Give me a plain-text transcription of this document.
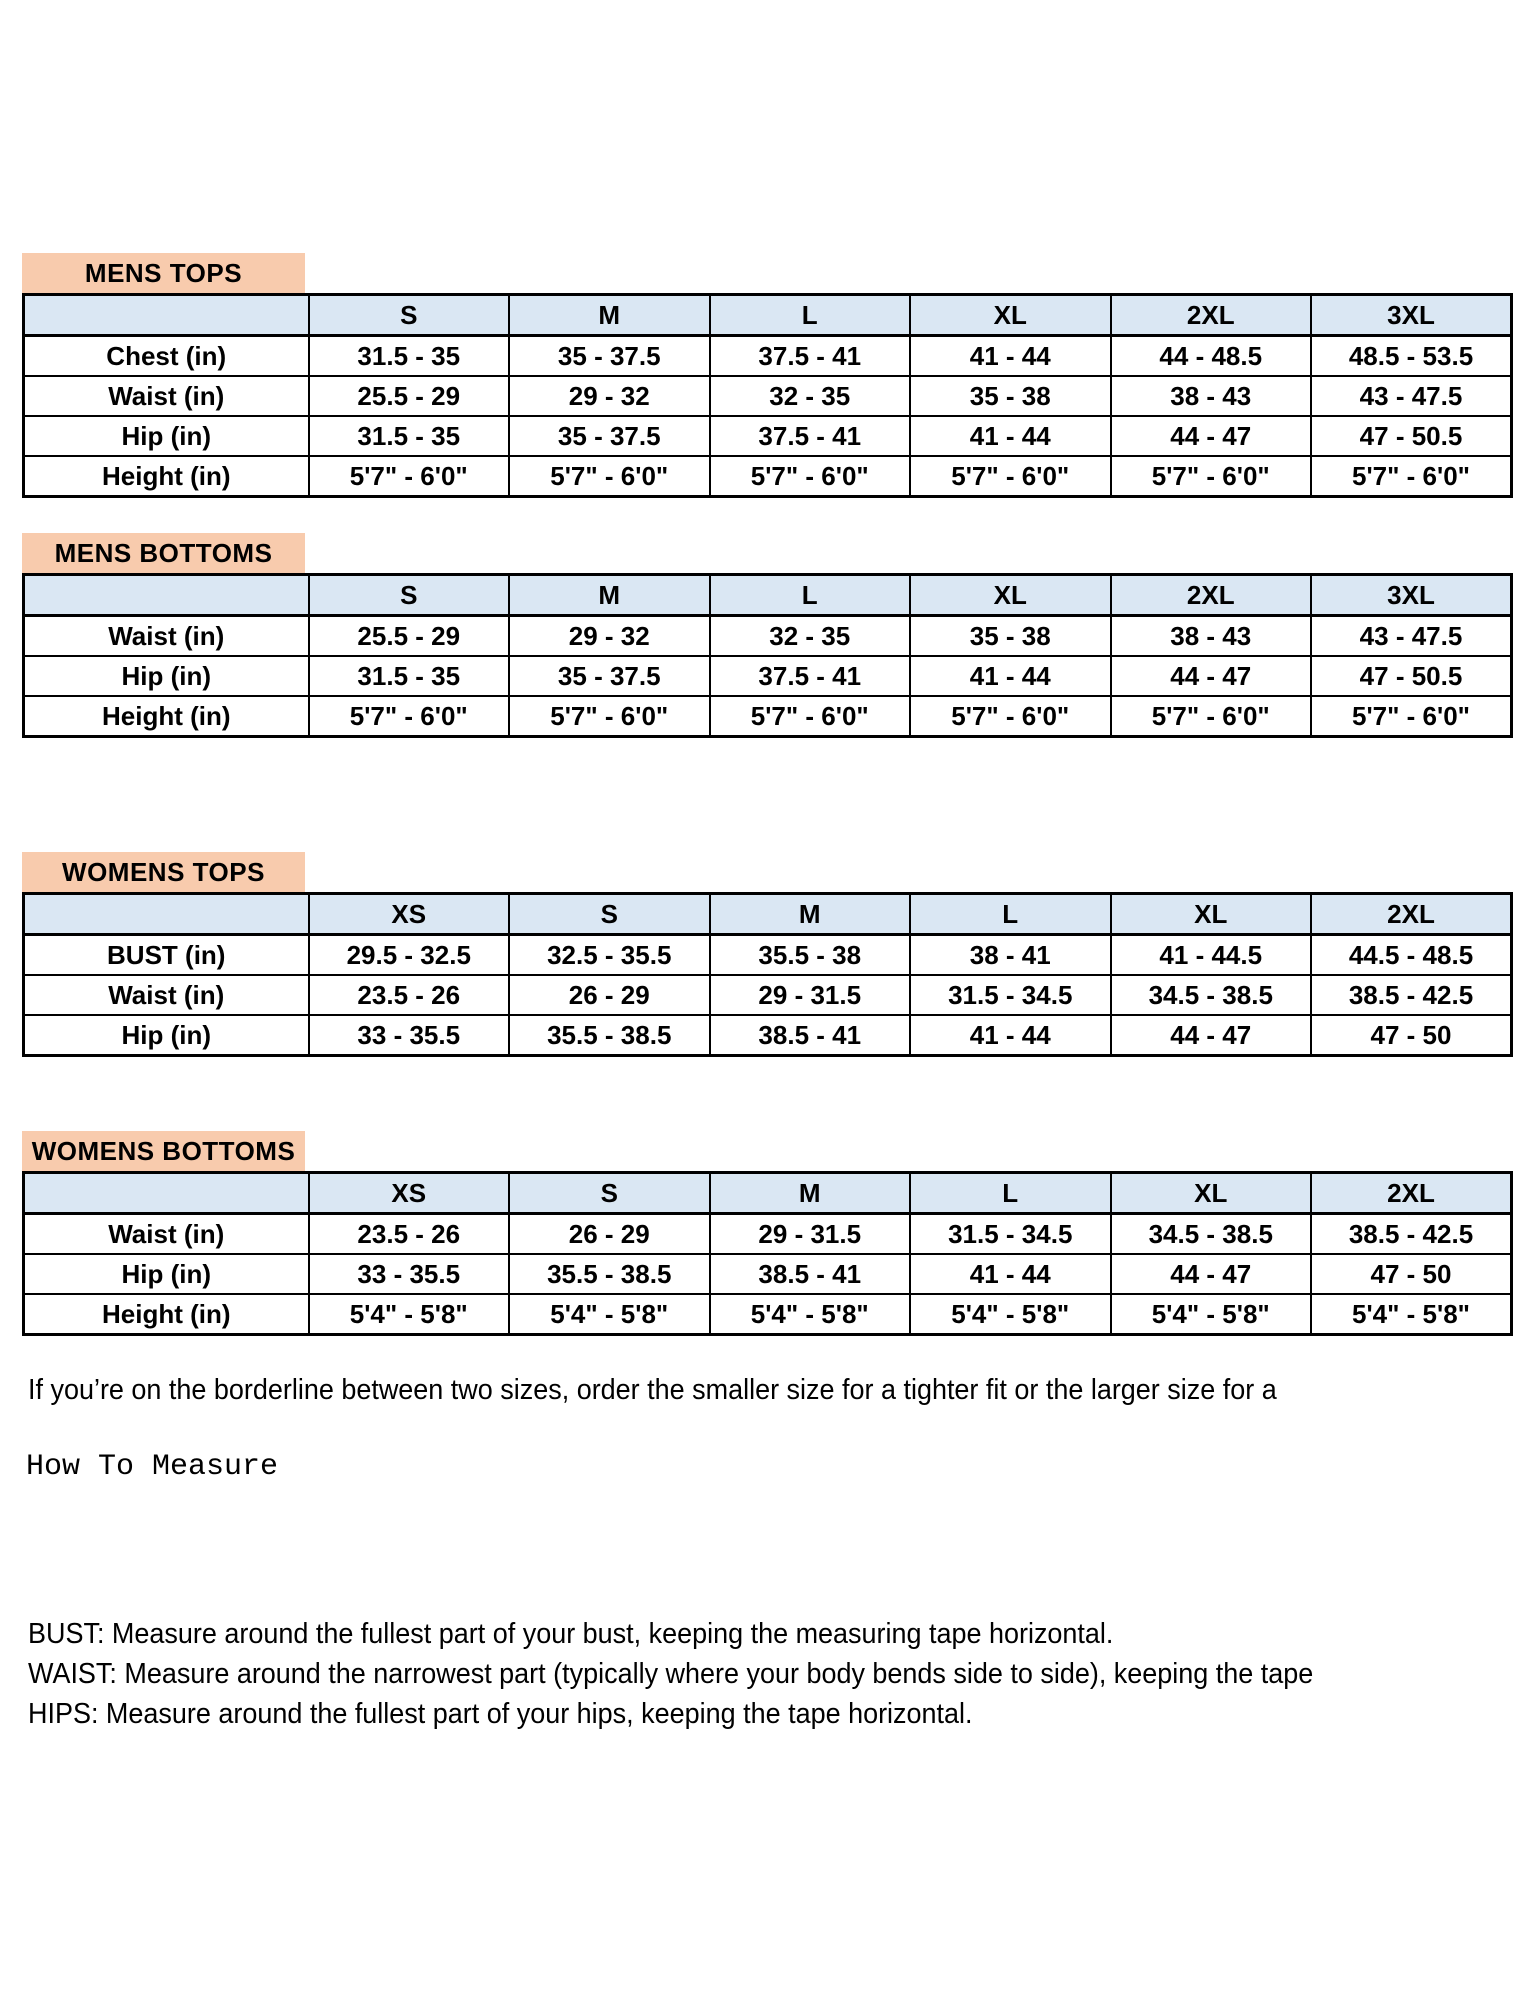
MENS TOPS
	S	M	L	XL	2XL	3XL
Chest (in)	31.5 - 35	35 - 37.5	37.5 - 41	41 - 44	44 - 48.5	48.5 - 53.5
Waist (in)	25.5 - 29	29 - 32	32 - 35	35 - 38	38 - 43	43 - 47.5
Hip (in)	31.5 - 35	35 - 37.5	37.5 - 41	41 - 44	44 - 47	47 - 50.5
Height (in)	5'7" - 6'0"	5'7" - 6'0"	5'7" - 6'0"	5'7" - 6'0"	5'7" - 6'0"	5'7" - 6'0"
MENS BOTTOMS
	S	M	L	XL	2XL	3XL
Waist (in)	25.5 - 29	29 - 32	32 - 35	35 - 38	38 - 43	43 - 47.5
Hip (in)	31.5 - 35	35 - 37.5	37.5 - 41	41 - 44	44 - 47	47 - 50.5
Height (in)	5'7" - 6'0"	5'7" - 6'0"	5'7" - 6'0"	5'7" - 6'0"	5'7" - 6'0"	5'7" - 6'0"
WOMENS TOPS
	XS	S	M	L	XL	2XL
BUST (in)	29.5 - 32.5	32.5 - 35.5	35.5 - 38	38 - 41	41 - 44.5	44.5 - 48.5
Waist (in)	23.5 - 26	26 - 29	29 - 31.5	31.5 - 34.5	34.5 - 38.5	38.5 - 42.5
Hip (in)	33 - 35.5	35.5 - 38.5	38.5 - 41	41 - 44	44 - 47	47 - 50
WOMENS BOTTOMS
	XS	S	M	L	XL	2XL
Waist (in)	23.5 - 26	26 - 29	29 - 31.5	31.5 - 34.5	34.5 - 38.5	38.5 - 42.5
Hip (in)	33 - 35.5	35.5 - 38.5	38.5 - 41	41 - 44	44 - 47	47 - 50
Height (in)	5'4" - 5'8"	5'4" - 5'8"	5'4" - 5'8"	5'4" - 5'8"	5'4" - 5'8"	5'4" - 5'8"
If you’re on the borderline between two sizes, order the smaller size for a tighter fit or the larger size for a
How To Measure
BUST: Measure around the fullest part of your bust, keeping the measuring tape horizontal.
WAIST: Measure around the narrowest part (typically where your body bends side to side), keeping the tape
HIPS: Measure around the fullest part of your hips, keeping the tape horizontal.
